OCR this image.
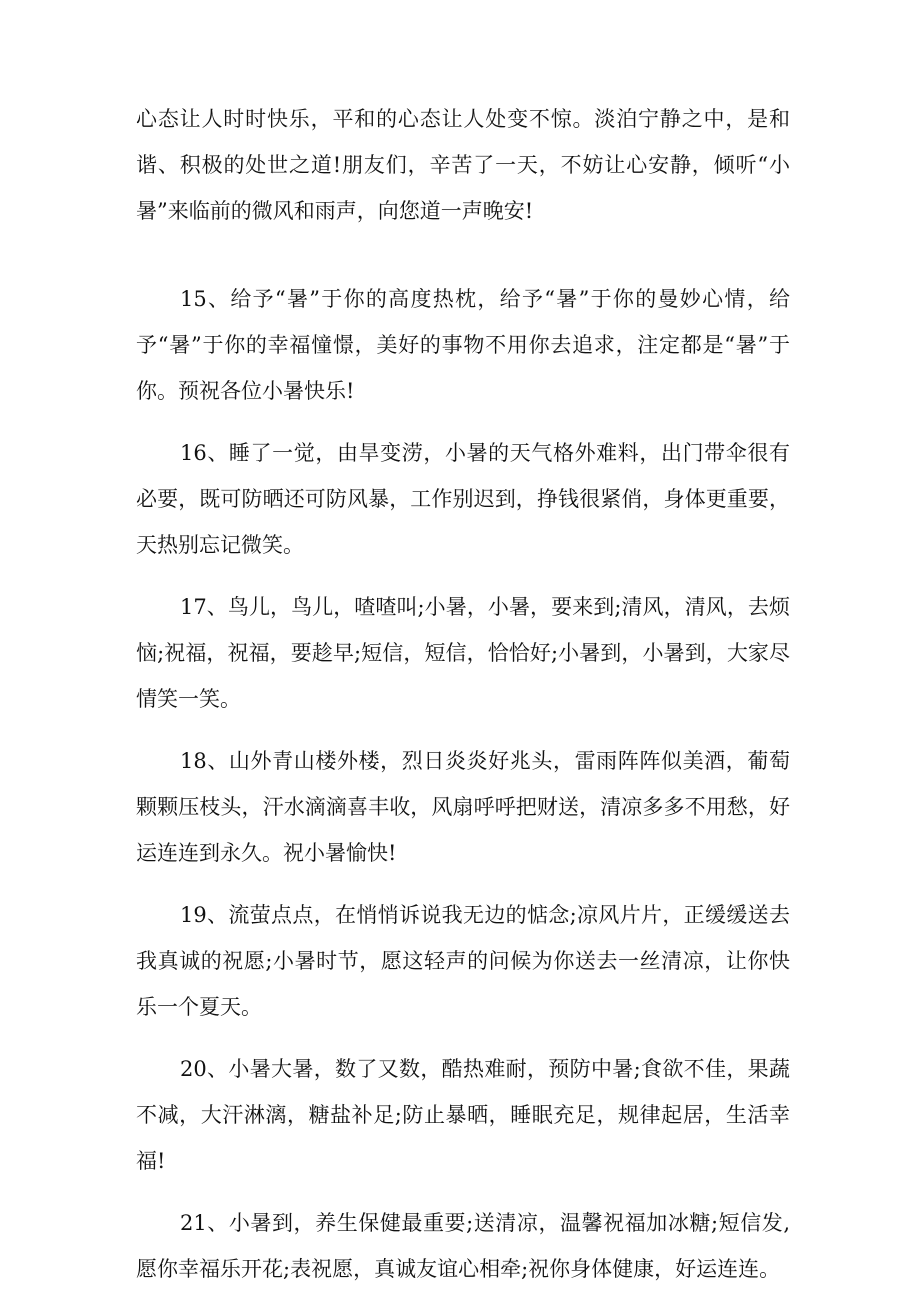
心态让人时时快乐，平和的心态让人处变不惊。淡泊宁静之中，是和谐、积极的处世之道!朋友们，辛苦了一天，不妨让心安静，倾听“小暑”来临前的微风和雨声，向您道一声晚安!

15、给予“暑”于你的高度热枕，给予“暑”于你的曼妙心情，给予“暑”于你的幸福憧憬，美好的事物不用你去追求，注定都是“暑”于你。预祝各位小暑快乐!

16、睡了一觉，由旱变涝，小暑的天气格外难料，出门带伞很有必要，既可防晒还可防风暴，工作别迟到，挣钱很紧俏，身体更重要，天热别忘记微笑。

17、鸟儿，鸟儿，喳喳叫;小暑，小暑，要来到;清风，清风，去烦恼;祝福，祝福，要趁早;短信，短信，恰恰好;小暑到，小暑到，大家尽情笑一笑。

18、山外青山楼外楼，烈日炎炎好兆头，雷雨阵阵似美酒，葡萄颗颗压枝头，汗水滴滴喜丰收，风扇呼呼把财送，清凉多多不用愁，好运连连到永久。祝小暑愉快!

19、流萤点点，在悄悄诉说我无边的惦念;凉风片片，正缓缓送去我真诚的祝愿;小暑时节，愿这轻声的问候为你送去一丝清凉，让你快乐一个夏天。

20、小暑大暑，数了又数，酷热难耐，预防中暑;食欲不佳，果蔬不减，大汗淋漓，糖盐补足;防止暴晒，睡眠充足，规律起居，生活幸福!

21、小暑到，养生保健最重要;送清凉，温馨祝福加冰糖;短信发,愿你幸福乐开花;表祝愿，真诚友谊心相牵;祝你身体健康，好运连连。
